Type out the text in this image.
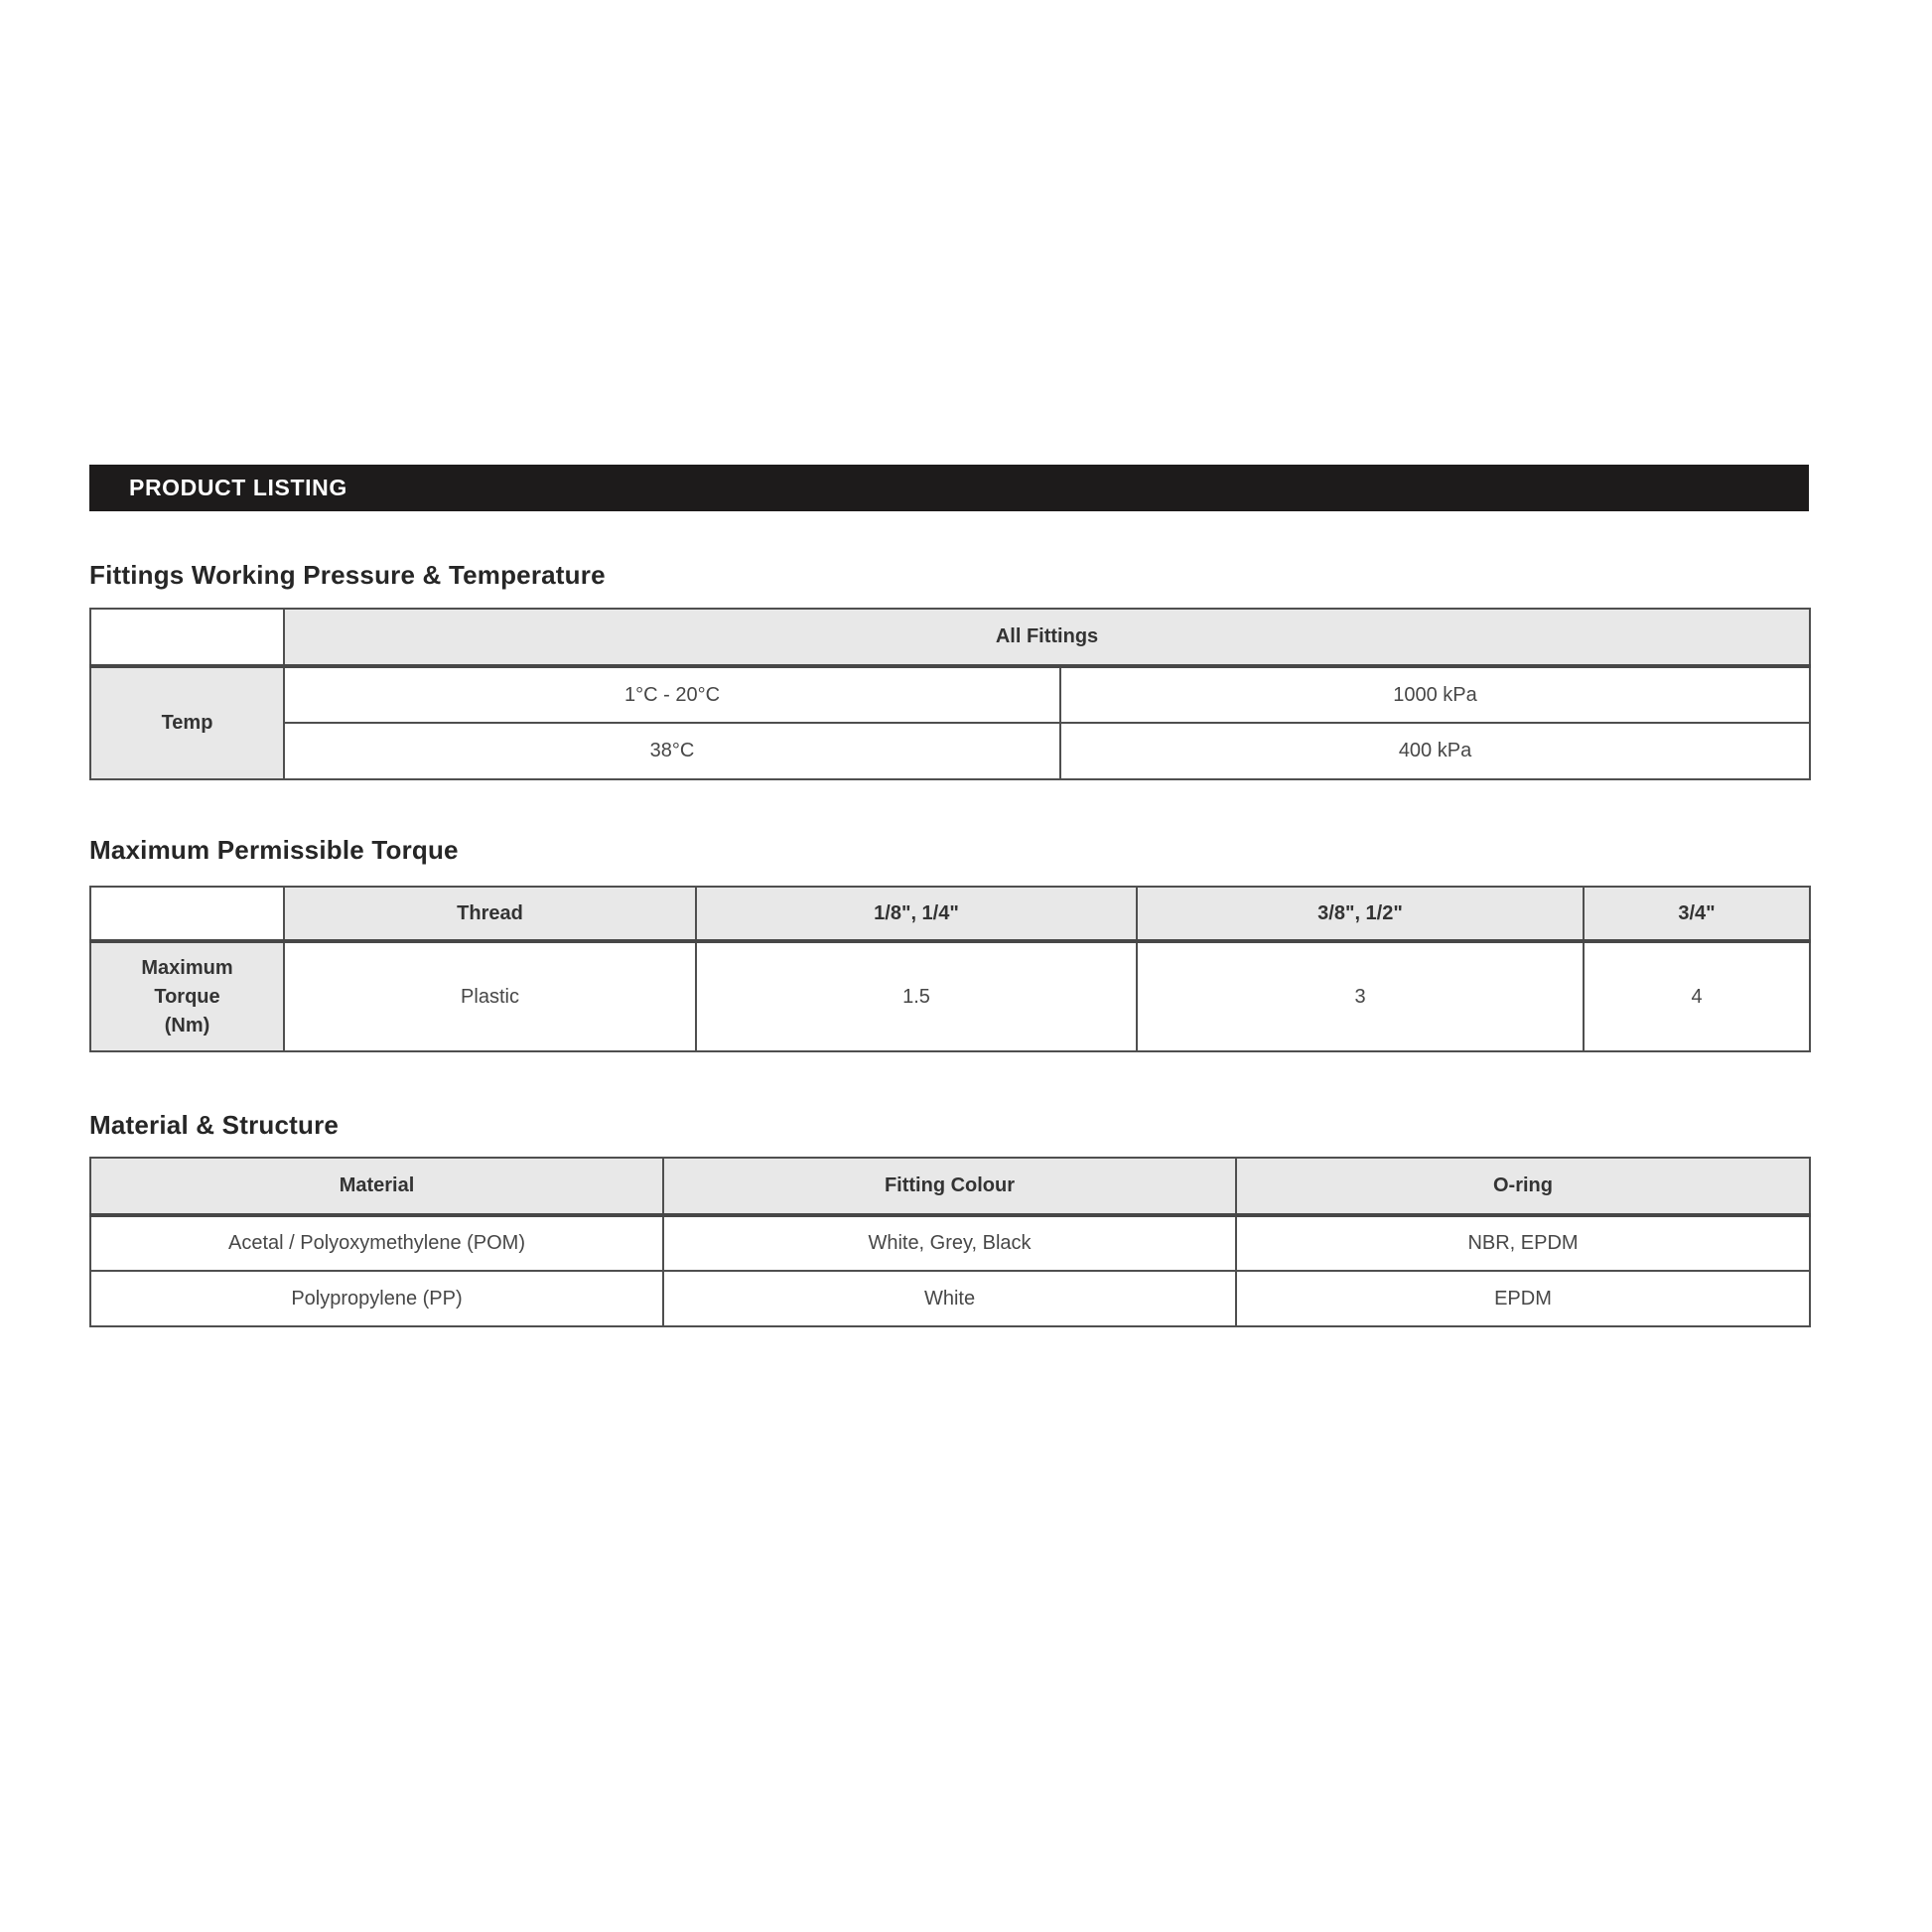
PRODUCT LISTING
Fittings Working Pressure & Temperature
	All Fittings	
Temp	1°C - 20°C	1000 kPa
	38°C	400 kPa
Maximum Permissible Torque
	Thread	1/8", 1/4"	3/8", 1/2"	3/4"

Maximum
Torque
(Nm)	Plastic	1.5	3	4
Material & Structure
Material	Fitting Colour	O-ring
Acetal / Polyoxymethylene (POM)	White, Grey, Black	NBR, EPDM
Polypropylene (PP)	White	EPDM
